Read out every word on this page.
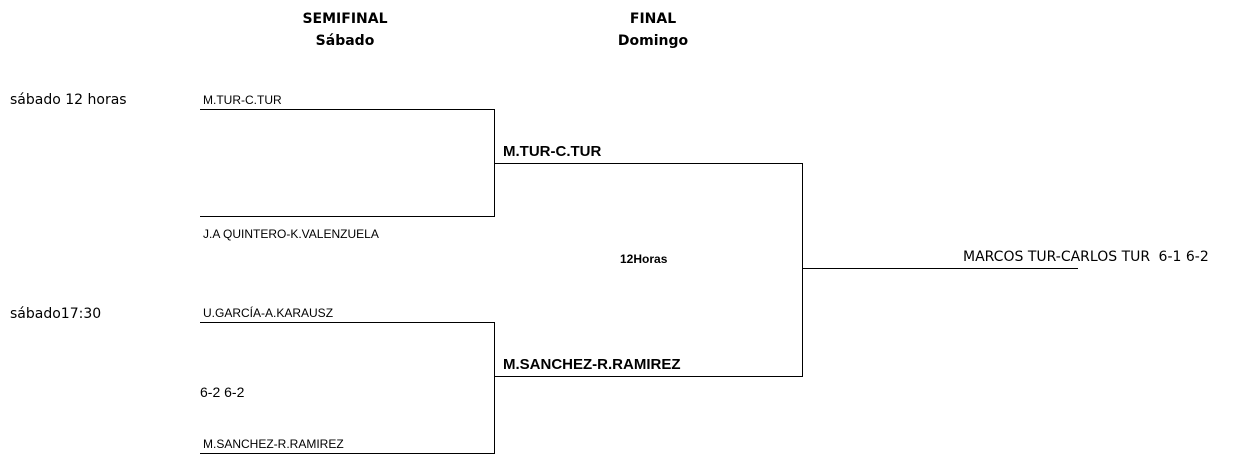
SEMIFINAL
Sábado
FINAL
Domingo
sábado 12 horas
sábado17:30
M.TUR-C.TUR
J.A QUINTERO-K.VALENZUELA
U.GARCÍA-A.KARAUSZ
6-2 6-2
M.SANCHEZ-R.RAMIREZ
M.TUR-C.TUR
12Horas
M.SANCHEZ-R.RAMIREZ
MARCOS TUR-CARLOS TUR 6-1 6-2
